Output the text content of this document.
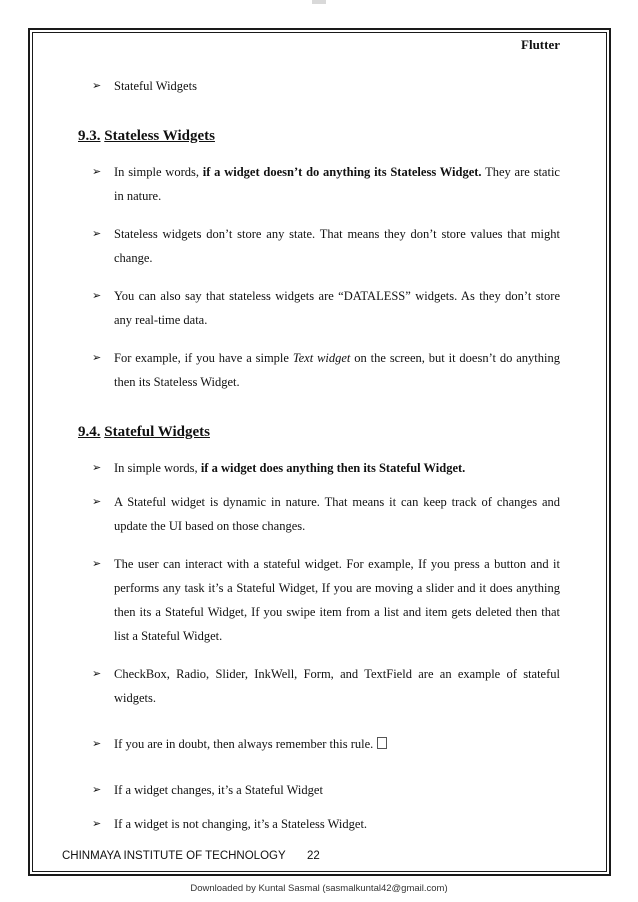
Flutter
➢ Stateful Widgets
9.3. Stateless Widgets
➢ In simple words, if a widget doesn’t do anything its Stateless Widget. They are static in nature.
➢ Stateless widgets don’t store any state. That means they don’t store values that might change.
➢ You can also say that stateless widgets are “DATALESS” widgets. As they don’t store any real-time data.
➢ For example, if you have a simple Text widget on the screen, but it doesn’t do anything then its Stateless Widget.
9.4. Stateful Widgets
➢ In simple words, if a widget does anything then its Stateful Widget.
➢ A Stateful widget is dynamic in nature. That means it can keep track of changes and update the UI based on those changes.
➢ The user can interact with a stateful widget. For example, If you press a button and it performs any task it’s a Stateful Widget, If you are moving a slider and it does anything then its a Stateful Widget, If you swipe item from a list and item gets deleted then that list a Stateful Widget.
➢ CheckBox, Radio, Slider, InkWell, Form, and TextField are an example of stateful widgets.
➢ If you are in doubt, then always remember this rule.
➢ If a widget changes, it’s a Stateful Widget
➢ If a widget is not changing, it’s a Stateless Widget.
CHINMAYA INSTITUTE OF TECHNOLOGY 22
Downloaded by Kuntal Sasmal (sasmalkuntal42@gmail.com)
